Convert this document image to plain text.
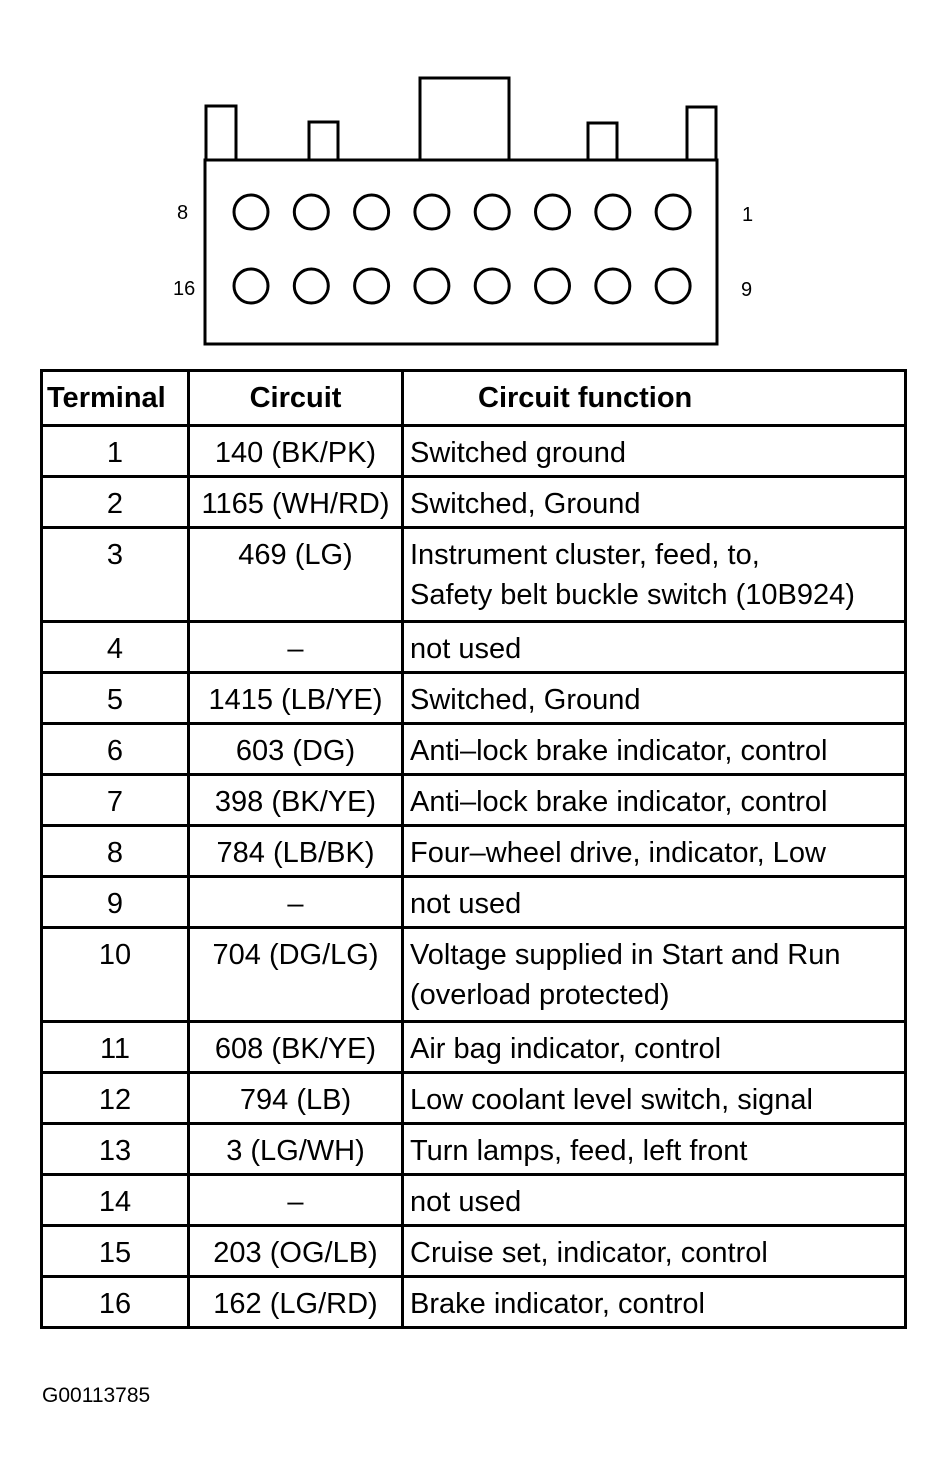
8	1
16	9
Terminal	Circuit	Circuit function
1	140 (BK/PK)	Switched ground

2	1165 (WH/RD)	Switched, Ground

3	469 (LG)	Instrument cluster, feed, to,
Safety belt buckle switch (10B924)

4	–	not used

5	1415 (LB/YE)	Switched, Ground

6	603 (DG)	Anti–lock brake indicator, control

7	398 (BK/YE)	Anti–lock brake indicator, control

8	784 (LB/BK)	Four–wheel drive, indicator, Low

9	–	not used

10	704 (DG/LG)	Voltage supplied in Start and Run
(overload protected)

11	608 (BK/YE)	Air bag indicator, control

12	794 (LB)	Low coolant level switch, signal

13	3 (LG/WH)	Turn lamps, feed, left front

14	–	not used

15	203 (OG/LB)	Cruise set, indicator, control

16	162 (LG/RD)	Brake indicator, control
G00113785
